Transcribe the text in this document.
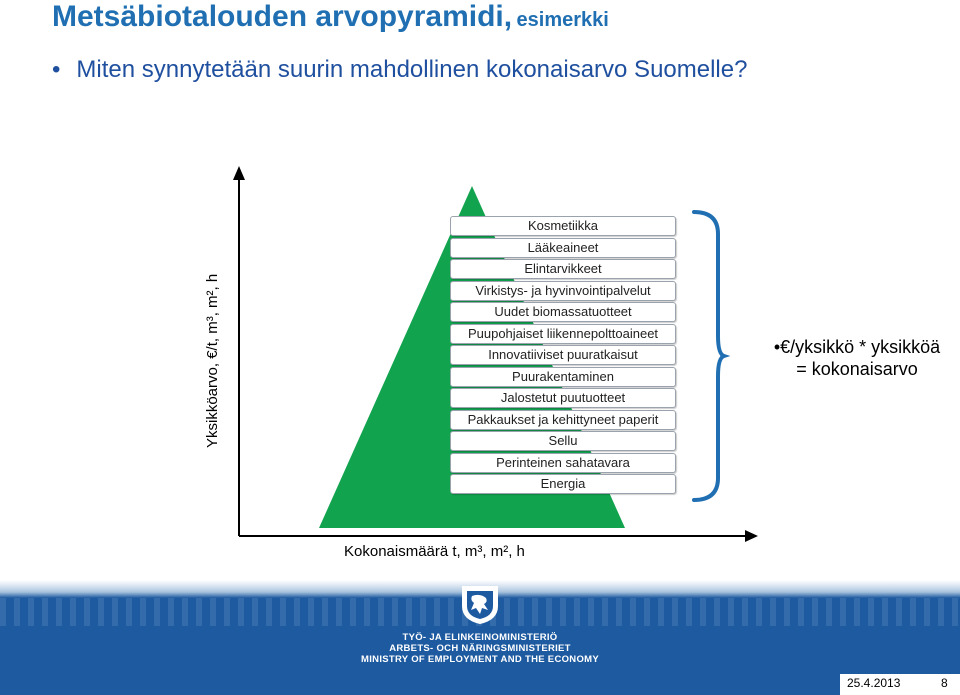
Metsäbiotalouden arvopyramidi, esimerkki
• Miten synnytetään suurin mahdollinen kokonaisarvo Suomelle?
Yksikköarvo, €/t, m³, m², h
Kokonaismäärä t, m³, m², h
Kosmetiikka
Lääkeaineet
Elintarvikkeet
Virkistys- ja hyvinvointipalvelut
Uudet biomassatuotteet
Puupohjaiset liikennepolttoaineet
Innovatiiviset puuratkaisut
Puurakentaminen
Jalostetut puutuotteet
Pakkaukset ja kehittyneet paperit
Sellu
Perinteinen sahatavara
Energia
•€/yksikkö * yksikköä
= kokonaisarvo
TYÖ- JA ELINKEINOMINISTERIÖ
ARBETS- OCH NÄRINGSMINISTERIET
MINISTRY OF EMPLOYMENT AND THE ECONOMY
25.4.2013	8
